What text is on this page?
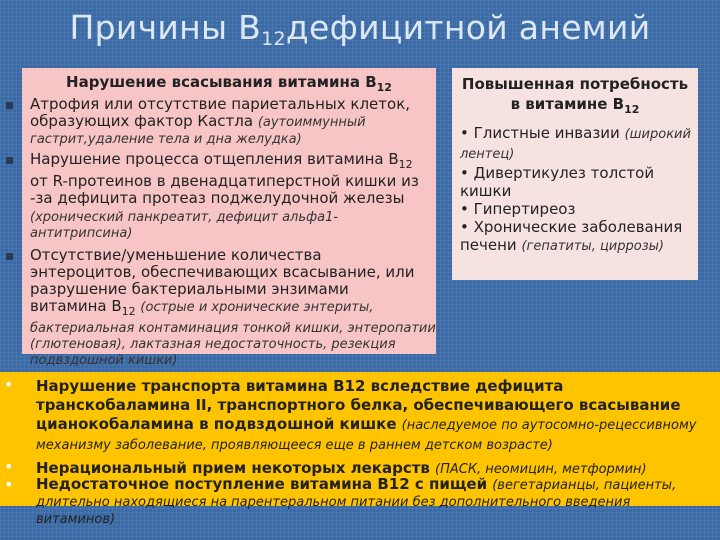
Причины $В_{12}дефицитной$ анемий
Нарушение всасывания витамина $В_{12}$
Атрофия или отсутствие париетальных клеток,
образующих фактор Кастла (аутоиммунный
гастрит,удаление тела и дна желудка)
Нарушение процесса отщепления витамина $В_{12}$
от R-протеинов в двенадцатиперстной кишки из
-за дефицита протеаз поджелудочной железы
(хронический панкреатит, дефицит альфа1-антитрипсина)
Отсутствие/уменьшение количества
энтероцитов, обеспечивающих всасывание, или
разрушение бактериальными энзимами
витамина $В_{12}$ (острые и хронические энтериты,
бактериальная контаминация тонкой кишки, энтеропатии (глютеновая), лактазная недостаточность, резекция подвздошной кишки)
Повышенная потребность
в витамине $В_{12}$
• Глистные инвазии (широкий лентец)
• Дивертикулез толстой кишки
• Гипертиреоз
• Хронические заболевания печени (гепатиты, циррозы)
•	Нарушение транспорта витамина В12 вследствие дефицита транскобаламина II, транспортного белка, обеспечивающего всасывание цианокобаламина в подвздошной кишке (наследуемое по аутосомно-рецессивному механизму заболевание, проявляющееся еще в раннем детском возрасте)
•	Нерациональный прием некоторых лекарств (ПАСК, неомицин, метформин)
•	Недостаточное поступление витамина В12 с пищей (вегетарианцы, пациенты, длительно находящиеся на парентеральном питании без дополнительного введения витаминов)
